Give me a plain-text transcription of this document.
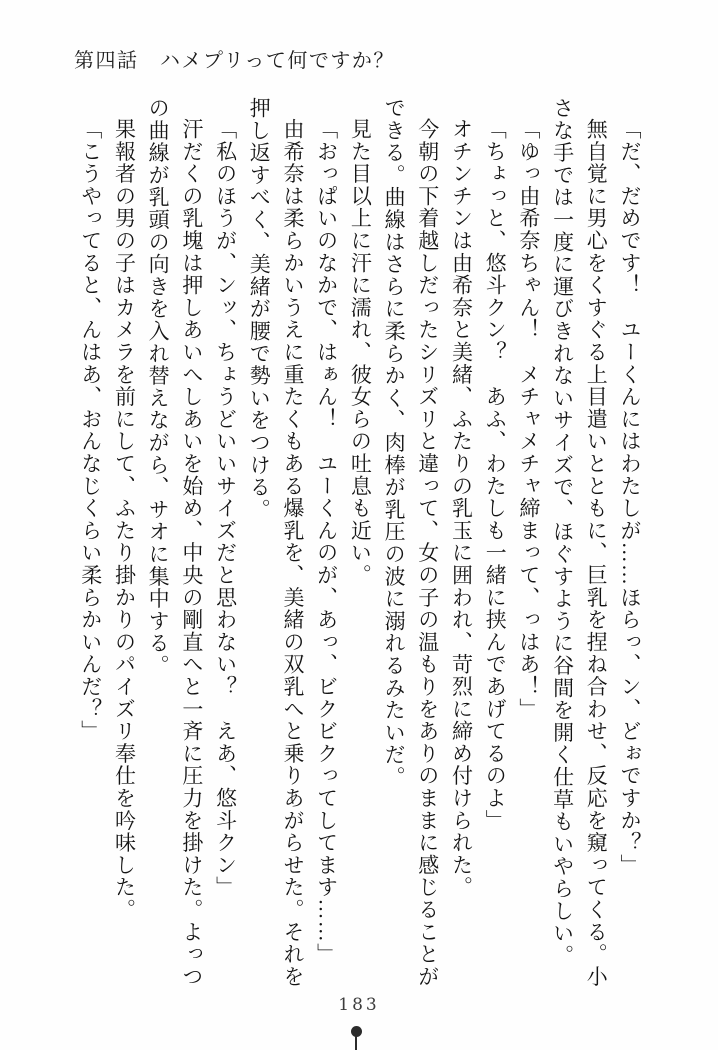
第四話　ハメプリって何ですか？

「だ、だめです！　ユーくんにはわたしが……ほらっ、ン、どぉですか？」

無自覚に男心をくすぐる上目遣いとともに、巨乳を捏ね合わせ、反応を窺ってくる。小さな手では一度に運びきれないサイズで、ほぐすように谷間を開く仕草もいやらしい。

「ゆっ由希奈ちゃん！　メチャメチャ締まって、っはあ！」

「ちょっと、悠斗クン？　あふ、わたしも一緒に挟んであげてるのよ」

オチンチンは由希奈と美緒、ふたりの乳玉に囲われ、苛烈に締め付けられた。

今朝の下着越しだったシリズリと違って、女の子の温もりをありのままに感じることができる。曲線はさらに柔らかく、肉棒が乳圧の波に溺れるみたいだ。

見た目以上に汗に濡れ、彼女らの吐息も近い。

「おっぱいのなかで、はぁん！　ユーくんのが、あっ、ビクビクってしてます……」

由希奈は柔らかいうえに重たくもある爆乳を、美緒の双乳へと乗りあがらせた。それを押し返すべく、美緒が腰で勢いをつける。

「私のほうが、ンッ、ちょうどいいサイズだと思わない？　えあ、悠斗クン」

汗だくの乳塊は押しあいへしあいを始め、中央の剛直へと一斉に圧力を掛けた。よっつの曲線が乳頭の向きを入れ替えながら、サオに集中する。

果報者の男の子はカメラを前にして、ふたり掛かりのパイズリ奉仕を吟味した。

「こうやってると、んはあ、おんなじくらい柔らかいんだ？」

183
